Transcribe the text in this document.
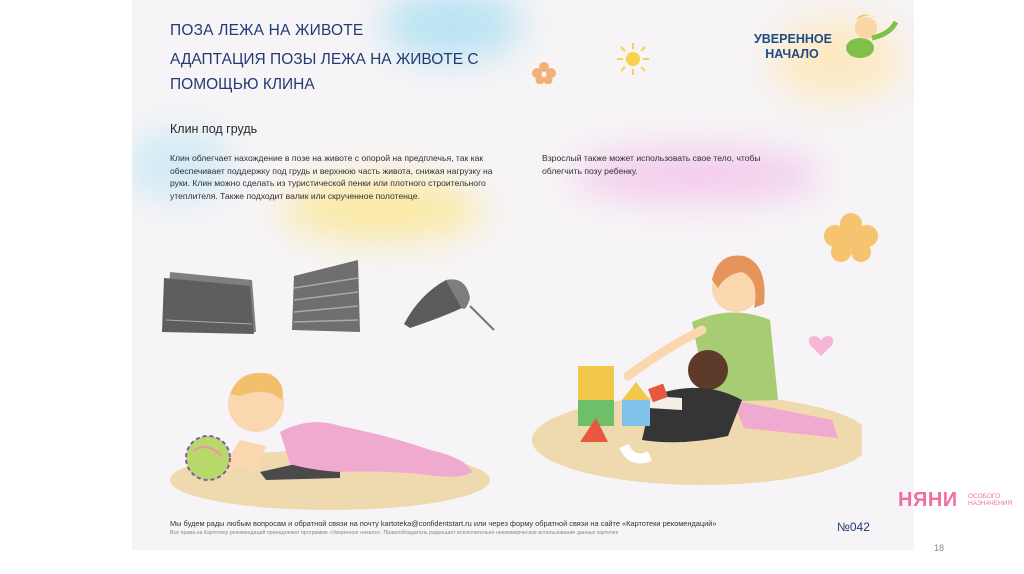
ПОЗА ЛЕЖА НА ЖИВОТЕ
АДАПТАЦИЯ ПОЗЫ ЛЕЖА НА ЖИВОТЕ С ПОМОЩЬЮ КЛИНА
Клин под грудь
Клин облегчает нахождение в позе на животе с опорой на предплечья, так как обеспечивает поддержку под грудь и верхнюю часть живота, снижая нагрузку на руки. Клин можно сделать из туристической пенки или плотного строительного утеплителя. Также подходит валик или скрученное полотенце.
Взрослый также может использовать свое тело, чтобы облегчить позу ребенку.
УВЕРЕННОЕ НАЧАЛО
Мы будем рады любым вопросам и обратной связи на почту kartoteka@confidentstart.ru или через форму обратной связи на сайте «Картотеки рекомендаций»
Все права на Картотеку рекомендаций принадлежат программе «Уверенное начало». Правообладатель разрешает исключительно некоммерческое использование данных карточек	№042
НЯНИ ОСОБОГО НАЗНАЧЕНИЯ
18
